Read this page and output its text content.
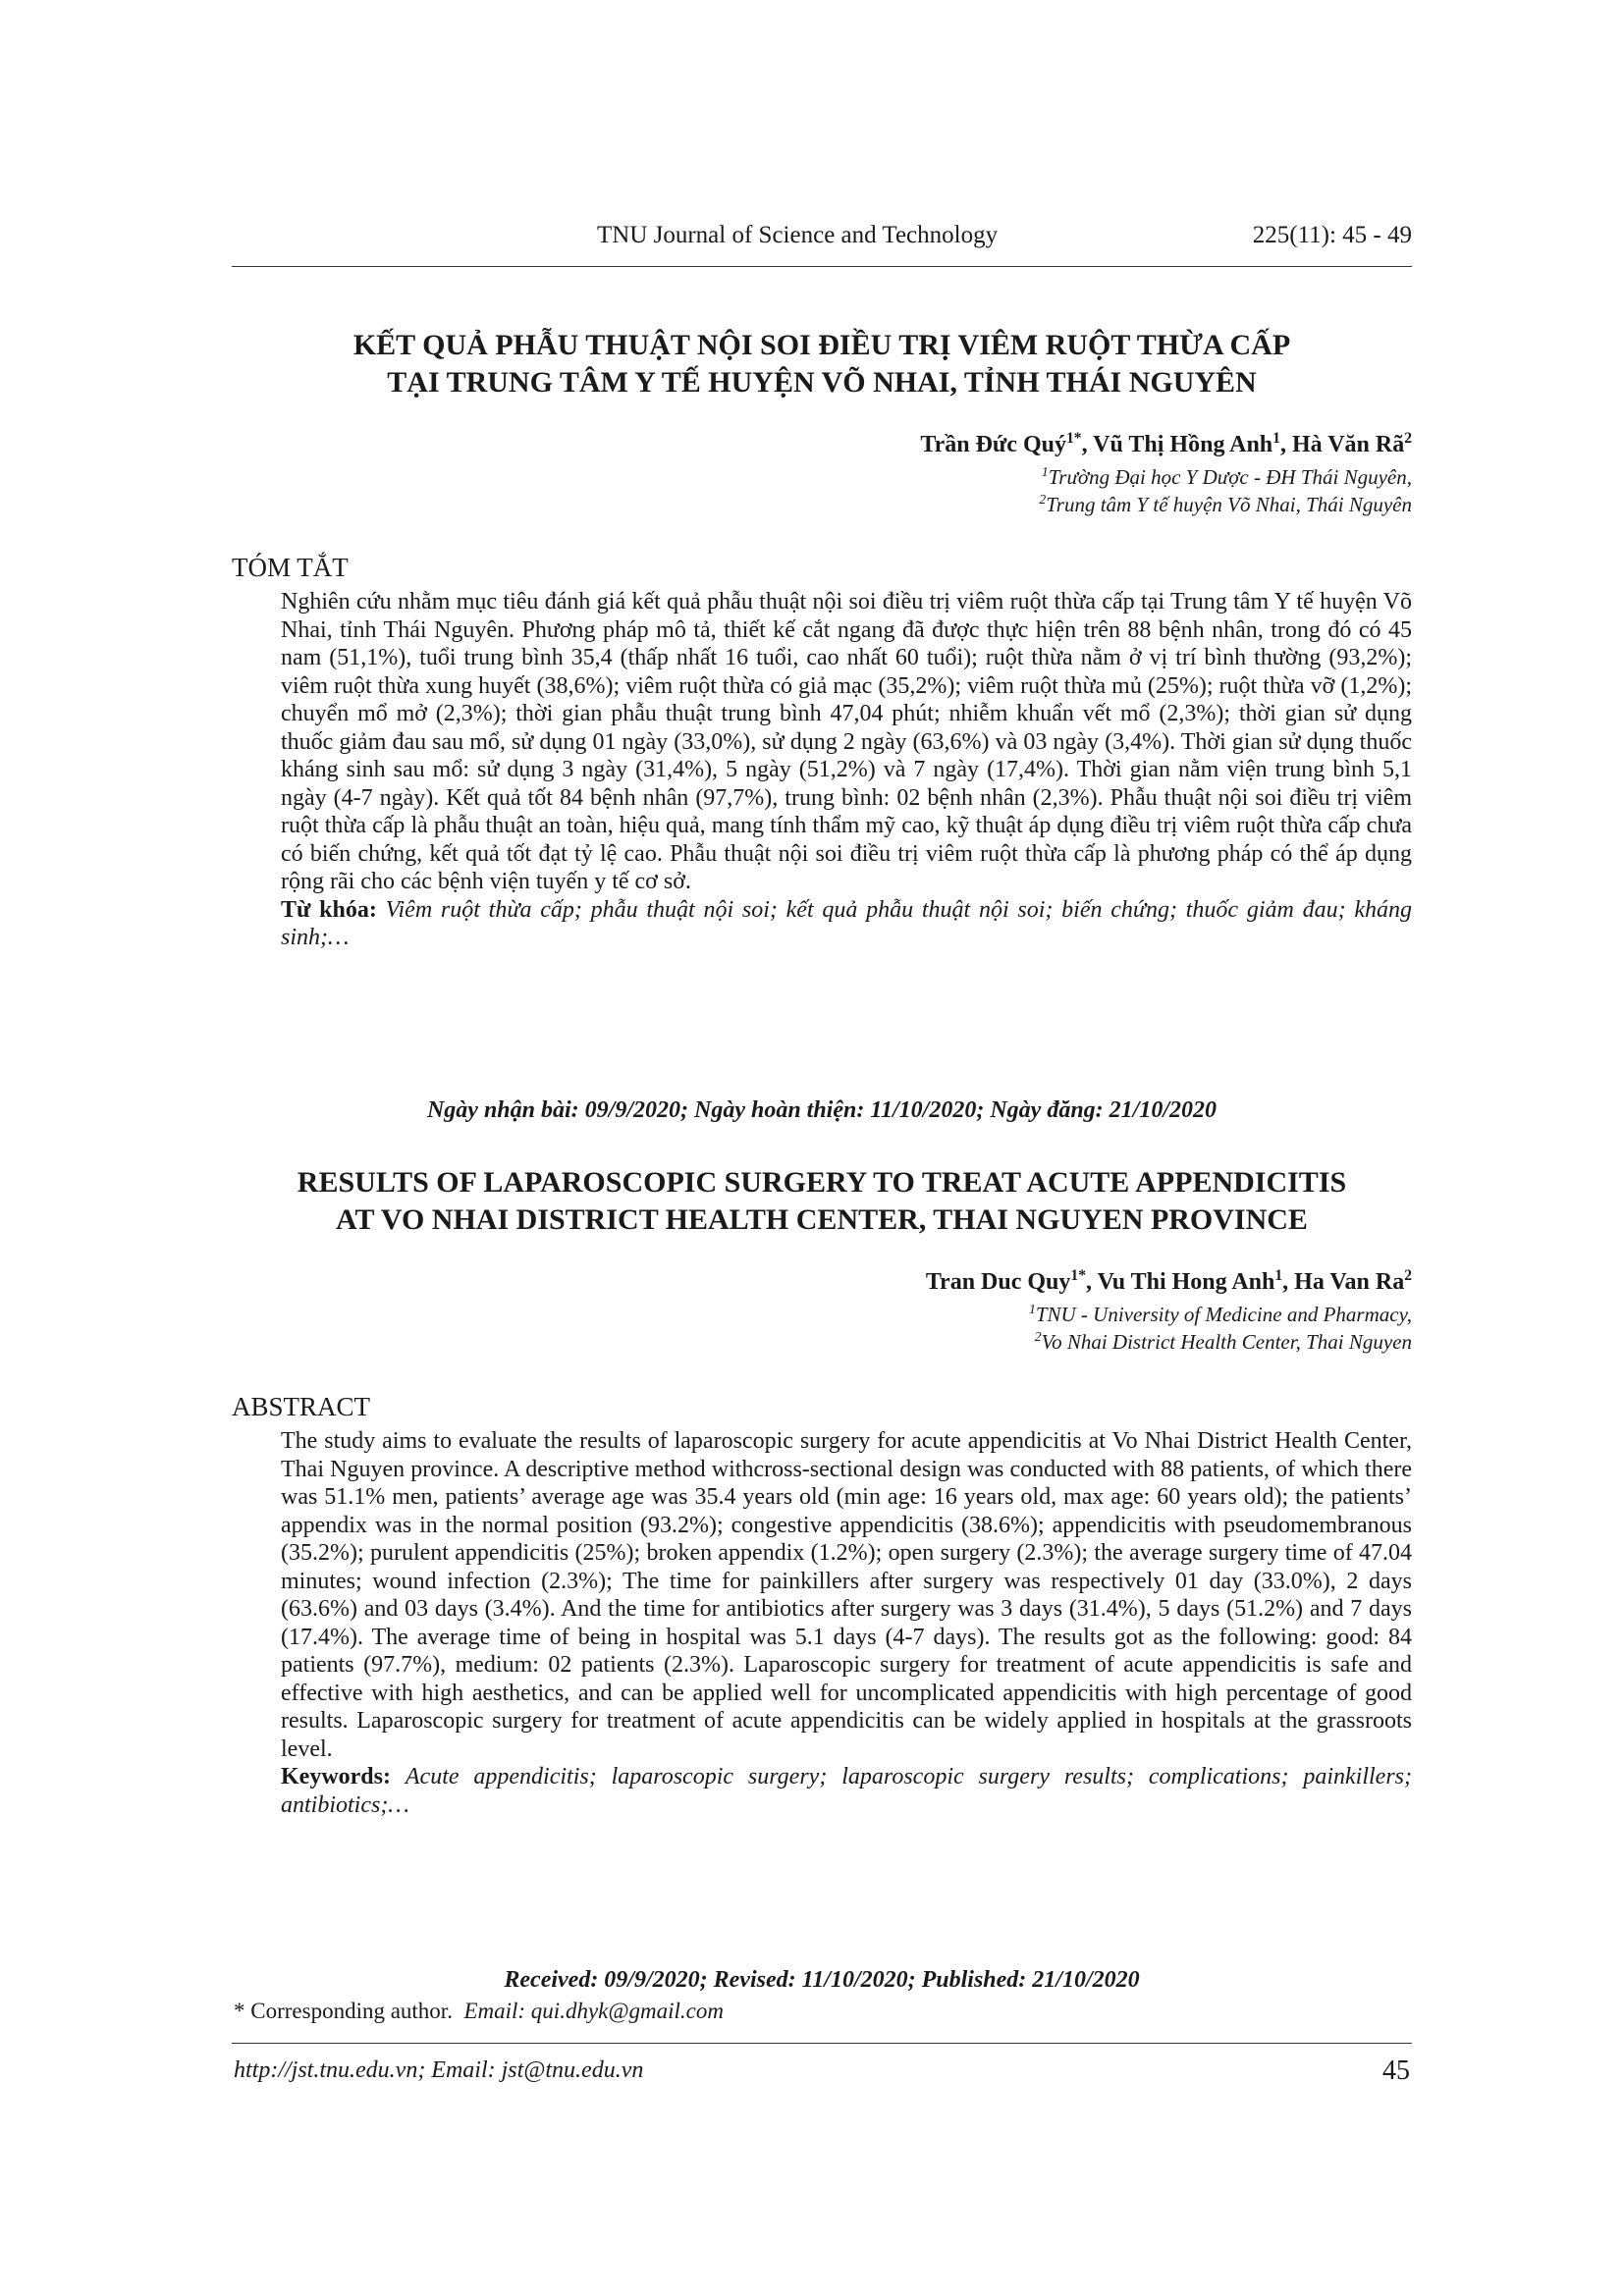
TNU Journal of Science and Technology	225(11): 45 - 49
KẾT QUẢ PHẪU THUẬT NỘI SOI ĐIỀU TRỊ VIÊM RUỘT THỪA CẤP
TẠI TRUNG TÂM Y TẾ HUYỆN VÕ NHAI, TỈNH THÁI NGUYÊN
Trần Đức Quý$^{1*}$, Vũ Thị Hồng Anh$^1$, Hà Văn $Rã^2$
$^1$Trường Đại học Y Dược - ĐH Thái Nguyên,
$^2$Trung tâm Y tế huyện Võ Nhai, Thái Nguyên
TÓM TẮT
Nghiên cứu nhằm mục tiêu đánh giá kết quả phẫu thuật nội soi điều trị viêm ruột thừa cấp tại Trung tâm Y tế huyện Võ Nhai, tỉnh Thái Nguyên. Phương pháp mô tả, thiết kế cắt ngang đã được thực hiện trên 88 bệnh nhân, trong đó có 45 nam (51,1%), tuổi trung bình 35,4 (thấp nhất 16 tuổi, cao nhất 60 tuổi); ruột thừa nằm ở vị trí bình thường (93,2%); viêm ruột thừa xung huyết (38,6%); viêm ruột thừa có giả mạc (35,2%); viêm ruột thừa mủ (25%); ruột thừa vỡ (1,2%); chuyển mổ mở (2,3%); thời gian phẫu thuật trung bình 47,04 phút; nhiễm khuẩn vết mổ (2,3%); thời gian sử dụng thuốc giảm đau sau mổ, sử dụng 01 ngày (33,0%), sử dụng 2 ngày (63,6%) và 03 ngày (3,4%). Thời gian sử dụng thuốc kháng sinh sau mổ: sử dụng 3 ngày (31,4%), 5 ngày (51,2%) và 7 ngày (17,4%). Thời gian nằm viện trung bình 5,1 ngày (4-7 ngày). Kết quả tốt 84 bệnh nhân (97,7%), trung bình: 02 bệnh nhân (2,3%). Phẫu thuật nội soi điều trị viêm ruột thừa cấp là phẫu thuật an toàn, hiệu quả, mang tính thẩm mỹ cao, kỹ thuật áp dụng điều trị viêm ruột thừa cấp chưa có biến chứng, kết quả tốt đạt tỷ lệ cao. Phẫu thuật nội soi điều trị viêm ruột thừa cấp là phương pháp có thể áp dụng rộng rãi cho các bệnh viện tuyến y tế cơ sở.
Từ khóa: Viêm ruột thừa cấp; phẫu thuật nội soi; kết quả phẫu thuật nội soi; biến chứng; thuốc giảm đau; kháng sinh;…
Ngày nhận bài: 09/9/2020; Ngày hoàn thiện: 11/10/2020; Ngày đăng: 21/10/2020
RESULTS OF LAPAROSCOPIC SURGERY TO TREAT ACUTE APPENDICITIS
AT VO NHAI DISTRICT HEALTH CENTER, THAI NGUYEN PROVINCE
Tran Duc Quy$^{1*}$, Vu Thi Hong Anh$^1$, Ha Van Ra$^2$
$^1$TNU - University of Medicine and Pharmacy,
$^2$Vo Nhai District Health Center, Thai Nguyen
ABSTRACT
The study aims to evaluate the results of laparoscopic surgery for acute appendicitis at Vo Nhai District Health Center, Thai Nguyen province. A descriptive method withcross-sectional design was conducted with 88 patients, of which there was 51.1% men, patients’ average age was 35.4 years old (min age: 16 years old, max age: 60 years old); the patients’ appendix was in the normal position (93.2%); congestive appendicitis (38.6%); appendicitis with pseudomembranous (35.2%); purulent appendicitis (25%); broken appendix (1.2%); open surgery (2.3%); the average surgery time of 47.04 minutes; wound infection (2.3%); The time for painkillers after surgery was respectively 01 day (33.0%), 2 days (63.6%) and 03 days (3.4%). And the time for antibiotics after surgery was 3 days (31.4%), 5 days (51.2%) and 7 days (17.4%). The average time of being in hospital was 5.1 days (4-7 days). The results got as the following: good: 84 patients (97.7%), medium: 02 patients (2.3%). Laparoscopic surgery for treatment of acute appendicitis is safe and effective with high aesthetics, and can be applied well for uncomplicated appendicitis with high percentage of good results. Laparoscopic surgery for treatment of acute appendicitis can be widely applied in hospitals at the grassroots level.
Keywords: Acute appendicitis; laparoscopic surgery; laparoscopic surgery results; complications; painkillers; antibiotics;…
Received: 09/9/2020; Revised: 11/10/2020; Published: 21/10/2020
* Corresponding author. Email: qui.dhyk@gmail.com
http://jst.tnu.edu.vn; Email: jst@tnu.edu.vn	45
